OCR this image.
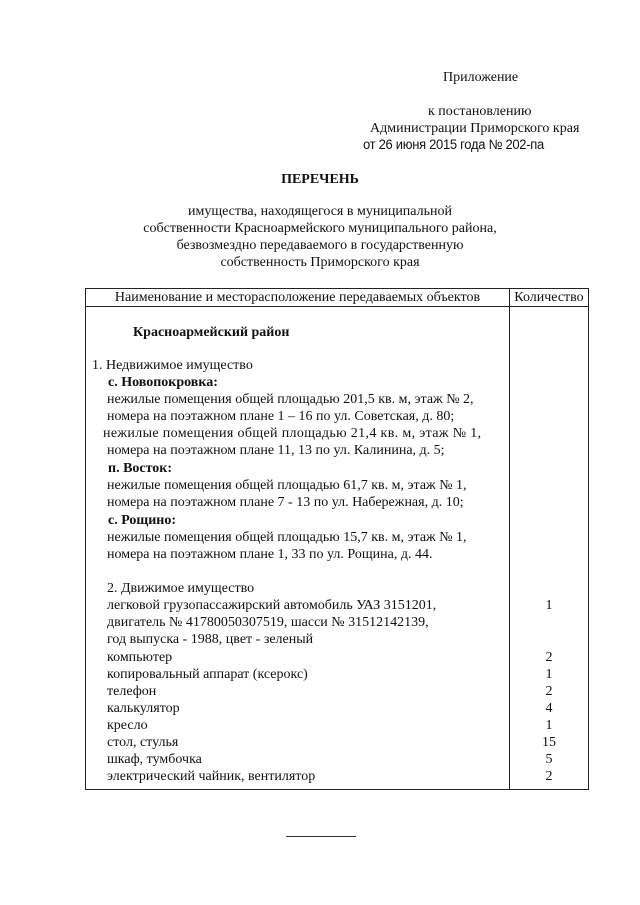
Приложение
к постановлению
Администрации Приморского края
от 26 июня 2015 года № 202-па
ПЕРЕЧЕНЬ
имущества, находящегося в муниципальной
собственности Красноармейского муниципального района,
безвозмездно передаваемого в государственную
собственность Приморского края
Наименование и месторасположение передаваемых объектов	Количество
Красноармейский район
1. Недвижимое имущество
с. Новопокровка:
нежилые помещения общей площадью 201,5 кв. м, этаж № 2,
номера на поэтажном плане 1 – 16 по ул. Советская, д. 80;
нежилые помещения общей площадью 21,4 кв. м, этаж № 1,
номера на поэтажном плане 11, 13 по ул. Калинина, д. 5;
п. Восток:
нежилые помещения общей площадью 61,7 кв. м, этаж № 1,
номера на поэтажном плане 7 - 13 по ул. Набережная, д. 10;
с. Рощино:
нежилые помещения общей площадью 15,7 кв. м, этаж № 1,
номера на поэтажном плане 1, 33 по ул. Рощина, д. 44.
2. Движимое имущество
легковой грузопассажирский автомобиль УАЗ 3151201,	1
двигатель № 41780050307519, шасси № 31512142139,
год выпуска - 1988, цвет - зеленый
компьютер	2
копировальный аппарат (ксерокс)	1
телефон	2
калькулятор	4
кресло	1
стол, стулья	15
шкаф, тумбочка	5
электрический чайник, вентилятор	2
